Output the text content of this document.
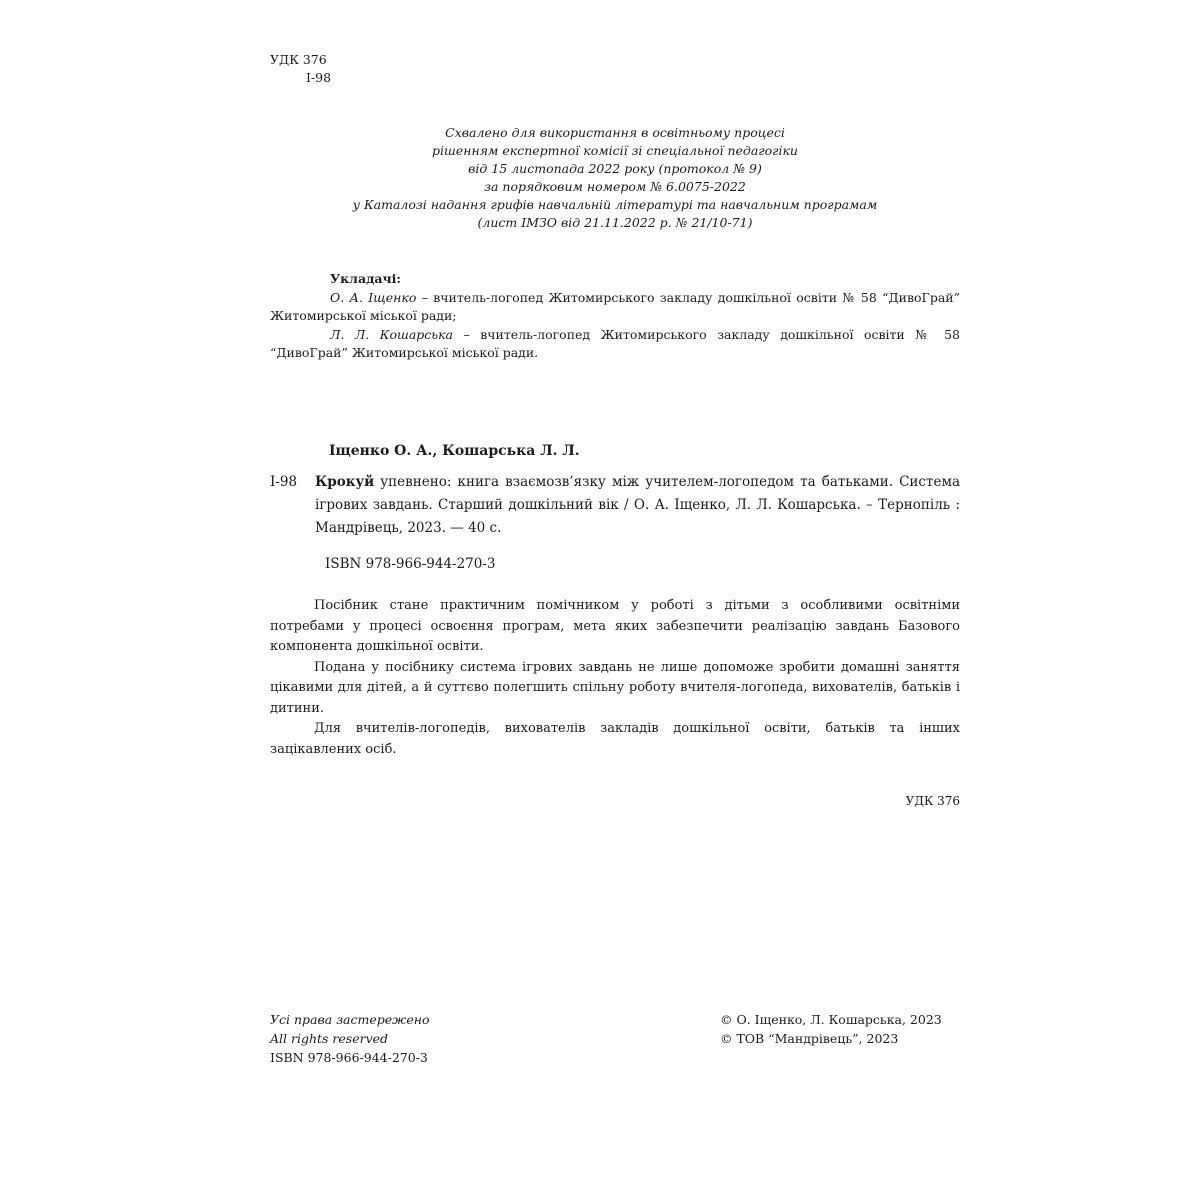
УДК 376
І-98
Схвалено для використання в освітньому процесі
рішенням експертної комісії зі спеціальної педагогіки
від 15 листопада 2022 року (протокол № 9)
за порядковим номером № 6.0075-2022
у Каталозі надання грифів навчальній літературі та навчальним програмам
(лист ІМЗО від 21.11.2022 р. № 21/10-71)
Укладачі:
О. А. Іщенко – вчитель-логопед Житомирського закладу дошкільної освіти № 58 “ДивоГрай” Житомирської міської ради;
Л. Л. Кошарська – вчитель-логопед Житомирського закладу дошкільної освіти № 58 “ДивоГрай” Житомирської міської ради.
Іщенко О. А., Кошарська Л. Л.
І-98 Крокуй упевнено: книга взаємозв’язку між учителем-логопедом та батьками. Система ігрових завдань. Старший дошкільний вік / О. А. Іщенко, Л. Л. Кошарська. – Тернопіль : Мандрівець, 2023. — 40 с.
ISBN 978-966-944-270-3

Посібник стане практичним помічником у роботі з дітьми з особливими освітніми потребами у процесі освоєння програм, мета яких забезпечити реалізацію завдань Базового компонента дошкільної освіти.

Подана у посібнику система ігрових завдань не лише допоможе зробити домашні заняття цікавими для дітей, а й суттєво полегшить спільну роботу вчителя-логопеда, вихователів, батьків і дитини.

Для вчителів-логопедів, вихователів закладів дошкільної освіти, батьків та інших зацікавлених осіб.

УДК 376
Усі права застережено
All rights reserved
ISBN 978-966-944-270-3
© О. Іщенко, Л. Кошарська, 2023
© ТОВ “Мандрівець”, 2023
